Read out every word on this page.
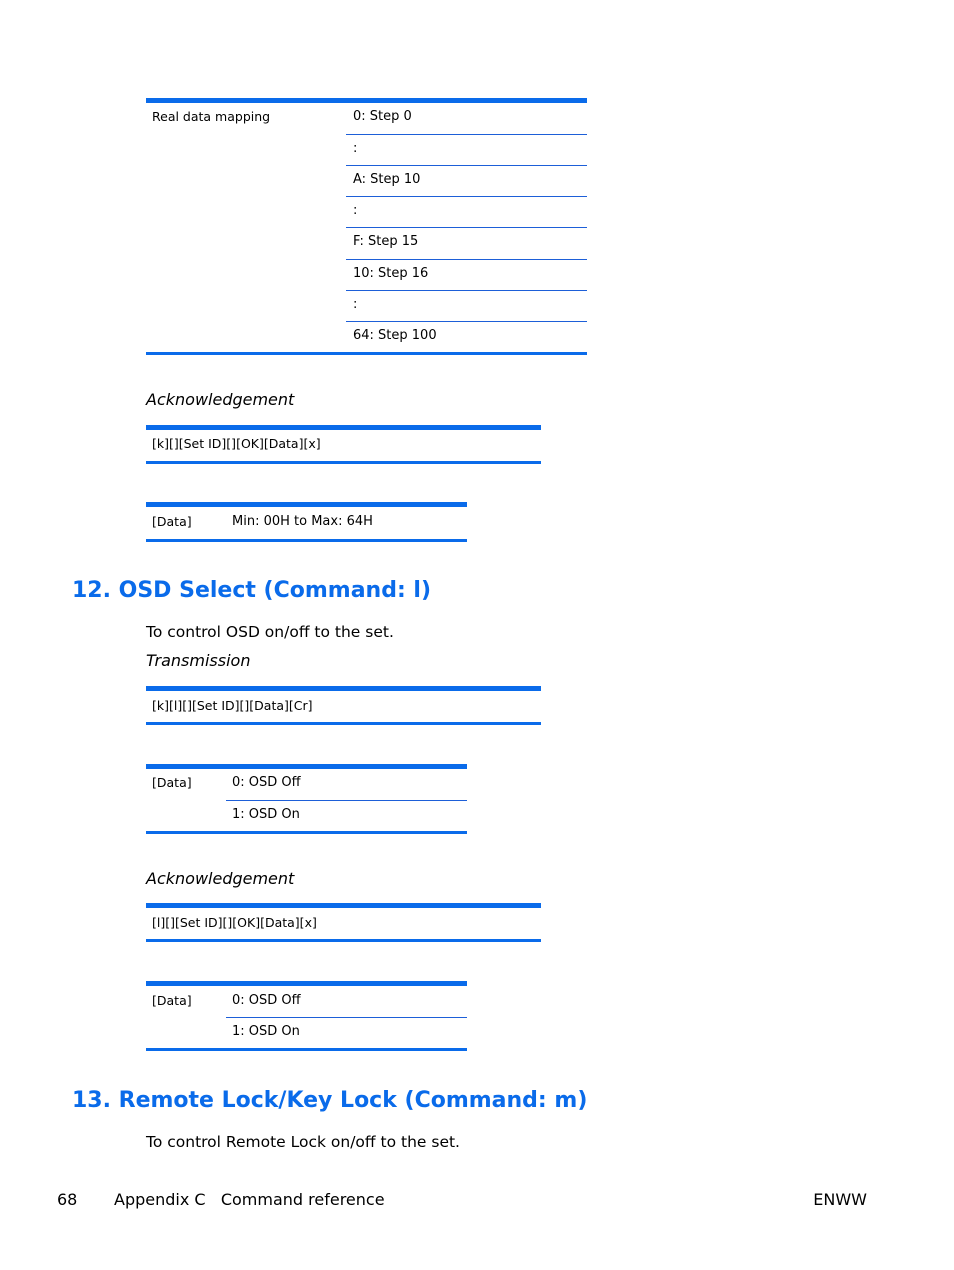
Real data mapping	0: Step 0
:
A: Step 10
:
F: Step 15
10: Step 16
:
64: Step 100
Acknowledgement
[k][][Set ID][][OK][Data][x]
[Data]	Min: 00H to Max: 64H
12. OSD Select (Command: l)
To control OSD on/off to the set.
Transmission
[k][l][][Set ID][][Data][Cr]
[Data]	0: OSD Off
1: OSD On
Acknowledgement
[l][][Set ID][][OK][Data][x]
[Data]	0: OSD Off
1: OSD On
13. Remote Lock/Key Lock (Command: m)
To control Remote Lock on/off to the set.
68 Appendix C   Command reference	ENWW
